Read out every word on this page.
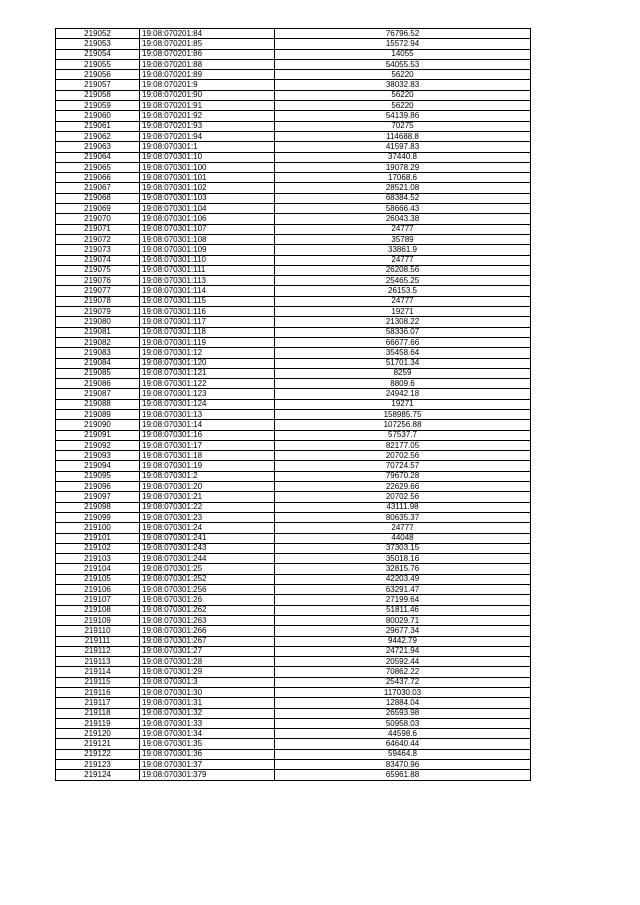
219052	19:08:070201:84	76796.52
219053	19:08:070201:85	15572.94
219054	19:08:070201:86	14055
219055	19:08:070201:88	54055.53
219056	19:08:070201:89	56220
219057	19:08:070201:9	38032.83
219058	19:08:070201:90	56220
219059	19:08:070201:91	56220
219060	19:08:070201:92	54139.86
219061	19:08:070201:93	70275
219062	19:08:070201:94	114688.8
219063	19:08:070301:1	41597.83
219064	19:08:070301:10	37440.8
219065	19:08:070301:100	19078.29
219066	19:08:070301:101	17068.6
219067	19:08:070301:102	28521.08
219068	19:08:070301:103	68384.52
219069	19:08:070301:104	58666.43
219070	19:08:070301:106	26043.38
219071	19:08:070301:107	24777
219072	19:08:070301:108	35789
219073	19:08:070301:109	33861.9
219074	19:08:070301:110	24777
219075	19:08:070301:111	26208.56
219076	19:08:070301:113	25465.25
219077	19:08:070301:114	26153.5
219078	19:08:070301:115	24777
219079	19:08:070301:116	19271
219080	19:08:070301:117	21308.22
219081	19:08:070301:118	58336.07
219082	19:08:070301:119	66677.66
219083	19:08:070301:12	35458.64
219084	19:08:070301:120	51701.34
219085	19:08:070301:121	8259
219086	19:08:070301:122	8809.6
219087	19:08:070301:123	24942.18
219088	19:08:070301:124	19271
219089	19:08:070301:13	158985.75
219090	19:08:070301:14	107256.88
219091	19:08:070301:16	57537.7
219092	19:08:070301:17	82177.05
219093	19:08:070301:18	20702.56
219094	19:08:070301:19	70724.57
219095	19:08:070301:2	79670.28
219096	19:08:070301:20	22629.66
219097	19:08:070301:21	20702.56
219098	19:08:070301:22	43111.98
219099	19:08:070301:23	80635.37
219100	19:08:070301:24	24777
219101	19:08:070301:241	44048
219102	19:08:070301:243	37303.15
219103	19:08:070301:244	35018.16
219104	19:08:070301:25	32815.76
219105	19:08:070301:252	42203.49
219106	19:08:070301:256	63291.47
219107	19:08:070301:26	27199.64
219108	19:08:070301:262	51811.46
219109	19:08:070301:263	80029.71
219110	19:08:070301:266	29677.34
219111	19:08:070301:267	9442.79
219112	19:08:070301:27	24721.94
219113	19:08:070301:28	20592.44
219114	19:08:070301:29	70862.22
219115	19:08:070301:3	25437.72
219116	19:08:070301:30	117030.03
219117	19:08:070301:31	12884.04
219118	19:08:070301:32	26593.98
219119	19:08:070301:33	50958.03
219120	19:08:070301:34	44598.6
219121	19:08:070301:35	64640.44
219122	19:08:070301:36	59464.8
219123	19:08:070301:37	83470.96
219124	19:08:070301:379	65961.88
